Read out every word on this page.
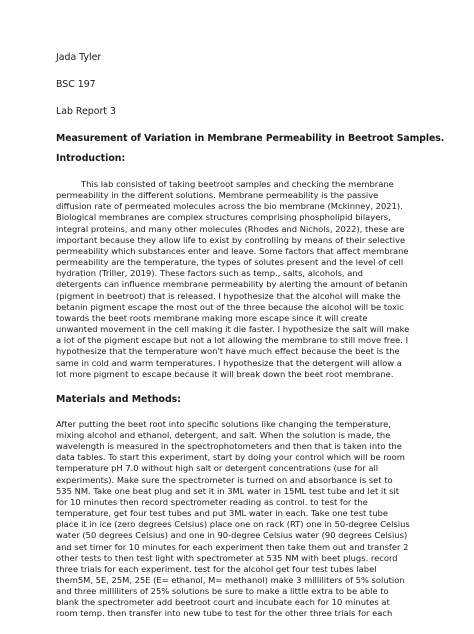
Jada Tyler
BSC 197
Lab Report 3
Measurement of Variation in Membrane Permeability in Beetroot Samples.
Introduction:
This lab consisted of taking beetroot samples and checking the membrane
permeability in the different solutions. Membrane permeability is the passive
diffusion rate of permeated molecules across the bio membrane (Mckinney, 2021).
Biological membranes are complex structures comprising phospholipid bilayers,
integral proteins, and many other molecules (Rhodes and Nichols, 2022), these are
important because they allow life to exist by controlling by means of their selective
permeability which substances enter and leave. Some factors that affect membrane
permeability are the temperature, the types of solutes present and the level of cell
hydration (Triller, 2019). These factors such as temp., salts, alcohols, and
detergents can influence membrane permeability by alerting the amount of betanin
(pigment in beetroot) that is released. I hypothesize that the alcohol will make the
betanin pigment escape the most out of the three because the alcohol will be toxic
towards the beet roots membrane making more escape since it will create
unwanted movement in the cell making it die faster. I hypothesize the salt will make
a lot of the pigment escape but not a lot allowing the membrane to still move free. I
hypothesize that the temperature won't have much effect because the beet is the
same in cold and warm temperatures. I hypothesize that the detergent will allow a
lot more pigment to escape because it will break down the beet root membrane.
Materials and Methods:
After putting the beet root into specific solutions like changing the temperature,
mixing alcohol and ethanol, detergent, and salt. When the solution is made, the
wavelength is measured in the spectrophotometers and then that is taken into the
data tables. To start this experiment, start by doing your control which will be room
temperature pH 7.0 without high salt or detergent concentrations (use for all
experiments). Make sure the spectrometer is turned on and absorbance is set to
535 NM. Take one beat plug and set it in 3ML water in 15ML test tube and let it sit
for 10 minutes then record spectrometer reading as control. to test for the
temperature, get four test tubes and put 3ML water in each. Take one test tube
place it in ice (zero degrees Celsius) place one on rack (RT) one in 50-degree Celsius
water (50 degrees Celsius) and one in 90-degree Celsius water (90 degrees Celsius)
and set timer for 10 minutes for each experiment then take them out and transfer 2
other tests to then test light with spectrometer at 535 NM with beet plugs. record
three trials for each experiment. test for the alcohol get four test tubes label
them5M, 5E, 25M, 25E (E= ethanol, M= methanol) make 3 milliliters of 5% solution
and three milliliters of 25% solutions be sure to make a little extra to be able to
blank the spectrometer add beetroot court and incubate each for 10 minutes at
room temp. then transfer into new tube to test for the other three trials for each
